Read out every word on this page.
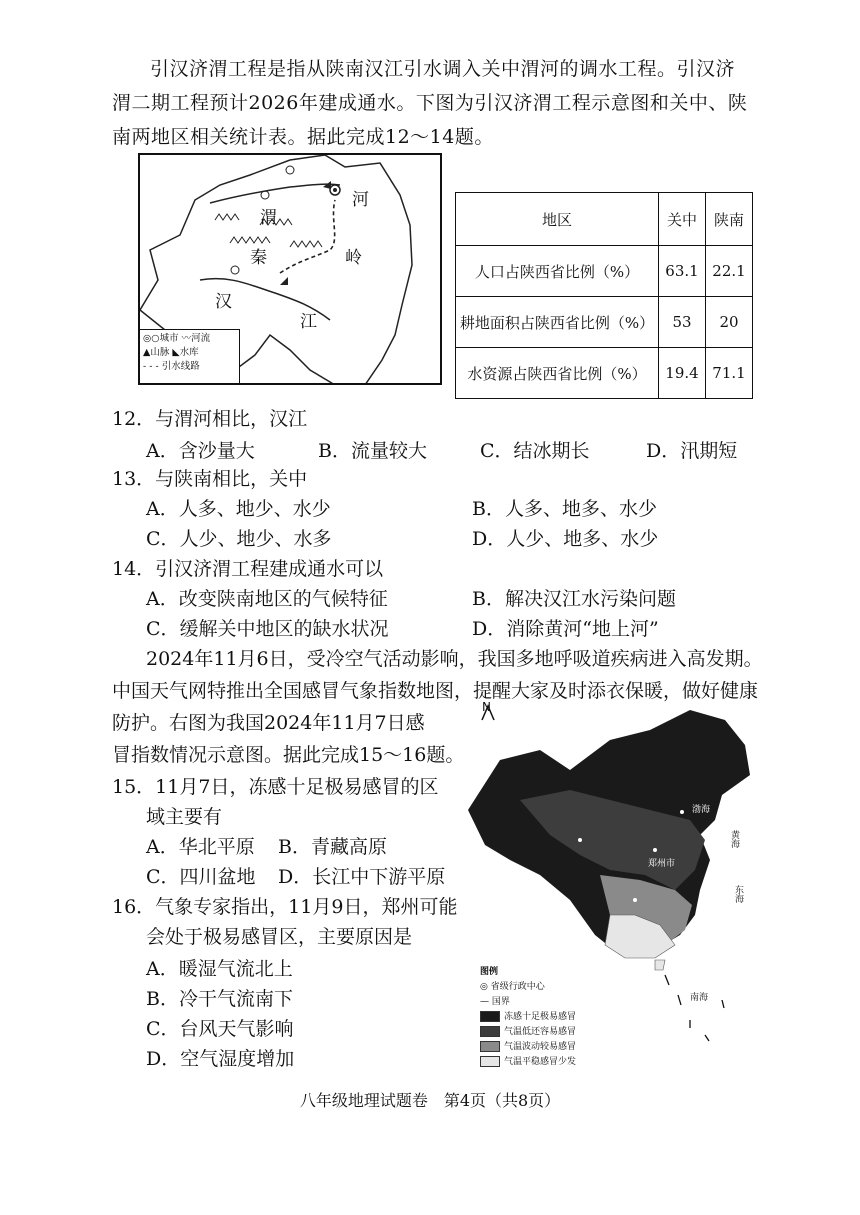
引汉济渭工程是指从陕南汉江引水调入关中渭河的调水工程。引汉济渭二期工程预计2026年建成通水。下图为引汉济渭工程示意图和关中、陕南两地区相关统计表。据此完成12～14题。

渭
河
秦	岭
汉
江
◎○城市 〰河流
▲山脉 ◣水库
- - - 引水线路
地区	关中	陕南
人口占陕西省比例（%）	63.1	22.1
耕地面积占陕西省比例（%）	53	20
水资源占陕西省比例（%）	19.4	71.1
12．与渭河相比，汉江
A．含沙量大	B．流量较大	C．结冰期长	D．汛期短
13．与陕南相比，关中
A．人多、地少、水少	B．人多、地多、水少
C．人少、地少、水多	D．人少、地多、水少
14．引汉济渭工程建成通水可以
A．改变陕南地区的气候特征	B．解决汉江水污染问题
C．缓解关中地区的缺水状况	D．消除黄河“地上河”
2024年11月6日，受冷空气活动影响，我国多地呼吸道疾病进入高发期。
中国天气网特推出全国感冒气象指数地图，提醒大家及时添衣保暖，做好健康
防护。右图为我国2024年11月7日感
冒指数情况示意图。据此完成15～16题。
15．11月7日，冻感十足极易感冒的区
域主要有
A．华北平原 B．青藏高原
C．四川盆地 D．长江中下游平原
16．气象专家指出，11月9日，郑州可能
会处于极易感冒区，主要原因是
A．暖湿气流北上
B．冷干气流南下
C．台风天气影响
D．空气湿度增加
N
郑州市
渤海
黄海
东海
南海
图例
◎ 省级行政中心
— 国界
冻感十足极易感冒
气温低还容易感冒
气温波动较易感冒
气温平稳感冒少发
八年级地理试题卷　第4页（共8页）
